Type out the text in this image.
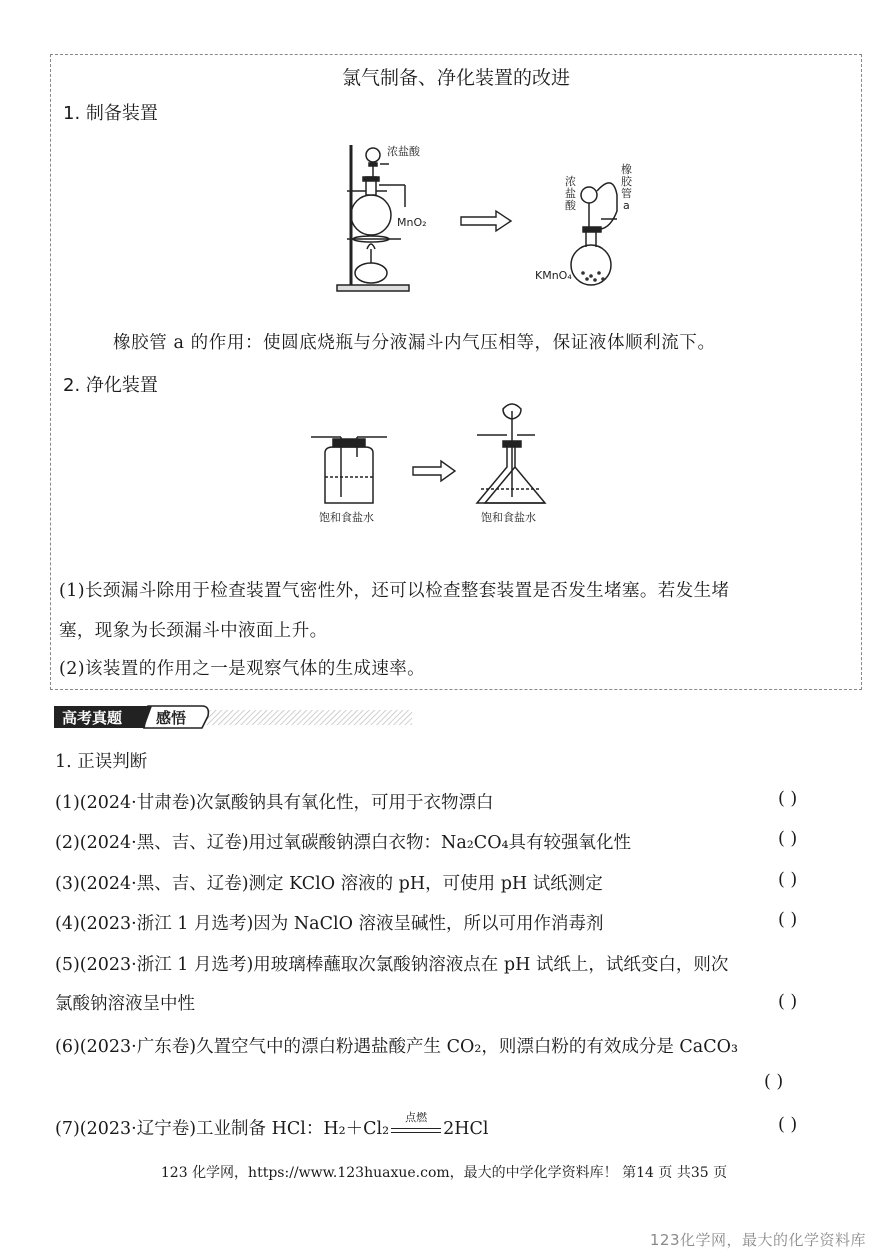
氯气制备、净化装置的改进
1. 制备装置
浓盐酸
MnO₂
浓
盐
酸
橡
胶
管
a
KMnO₄
橡胶管 a 的作用：使圆底烧瓶与分液漏斗内气压相等，保证液体顺利流下。
2. 净化装置
饱和食盐水	饱和食盐水
(1)长颈漏斗除用于检查装置气密性外，还可以检查整套装置是否发生堵塞。若发生堵
塞，现象为长颈漏斗中液面上升。
(2)该装置的作用之一是观察气体的生成速率。
高考真题 感悟
1. 正误判断
(1)(2024·甘肃卷)次氯酸钠具有氧化性，可用于衣物漂白	( )
(2)(2024·黑、吉、辽卷)用过氧碳酸钠漂白衣物：Na₂CO₄具有较强氧化性	( )
(3)(2024·黑、吉、辽卷)测定 KClO 溶液的 pH，可使用 pH 试纸测定	( )
(4)(2023·浙江 1 月选考)因为 NaClO 溶液呈碱性，所以可用作消毒剂	( )
(5)(2023·浙江 1 月选考)用玻璃棒蘸取次氯酸钠溶液点在 pH 试纸上，试纸变白，则次
氯酸钠溶液呈中性	( )
(6)(2023·广东卷)久置空气中的漂白粉遇盐酸产生 CO₂，则漂白粉的有效成分是 CaCO₃
( )
(7)(2023·辽宁卷)工业制备 HCl：H₂＋Cl₂
点燃
2HCl	( )
123 化学网，https://www.123huaxue.com，最大的中学化学资料库！ 第14 页 共35 页
123化学网，最大的化学资料库
